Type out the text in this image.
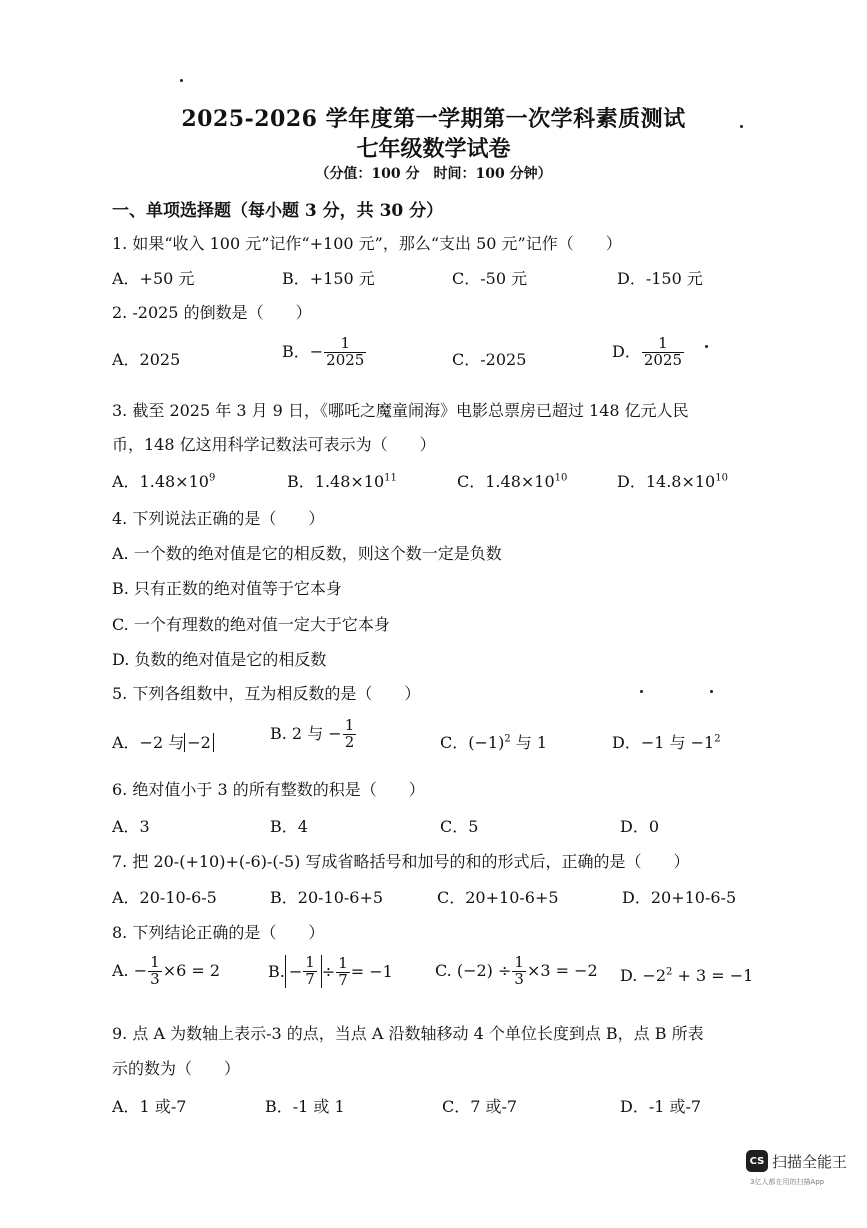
2025-2026 学年度第一学期第一次学科素质测试
七年级数学试卷
（分值：100 分　时间：100 分钟）
一、单项选择题（每小题 3 分，共 30 分）
1. 如果“收入 100 元”记作“+100 元”，那么“支出 50 元”记作（　　）
A．+50 元	B．+150 元	C．-50 元	D．-150 元
2. -2025 的倒数是（　　）
A．2025	B．− $\frac{1}{2025}$	C．-2025	D． $\frac{1}{2025}$
3. 截至 2025 年 3 月 9 日，《哪吒之魔童闹海》电影总票房已超过 148 亿元人民
币，148 亿这用科学记数法可表示为（　　）
A．$1.48\times 10^9$	B．$1.48\times 10^{11}$	C．$1.48\times 10^{10}$	D．$14.8\times 10^{10}$
4. 下列说法正确的是（　　）
A. 一个数的绝对值是它的相反数，则这个数一定是负数
B. 只有正数的绝对值等于它本身
C. 一个有理数的绝对值一定大于它本身
D. 负数的绝对值是它的相反数
5. 下列各组数中，互为相反数的是（　　）
A．−2 与 −2	B. 2 与 − $\frac{1}{2}$	C．$(-1)^2$ 与 1	D．−1 与 $-1^2$
6. 绝对值小于 3 的所有整数的积是（　　）
A．3	B．4	C．5	D．0
7. 把 20-(+10)+(-6)-(-5) 写成省略括号和加号的和的形式后，正确的是（　　）
A．20-10-6-5	B．20-10-6+5	C．20+10-6+5	D．20+10-6-5
8. 下列结论正确的是（　　）
A. − $\frac{1}{3} \times 6 = 2$	B. − $\frac{1}{7} \div \frac{1}{7} = -1$	C. $(-2) \div \frac{1}{3} \times 3 = -2$ D. $-2^2 + 3 = -1$
9. 点 A 为数轴上表示-3 的点，当点 A 沿数轴移动 4 个单位长度到点 B，点 B 所表
示的数为（　　）
A．1 或-7	B．-1 或 1	C．7 或-7	D．-1 或-7
CS 扫描全能王
3亿人都在用的扫描App
